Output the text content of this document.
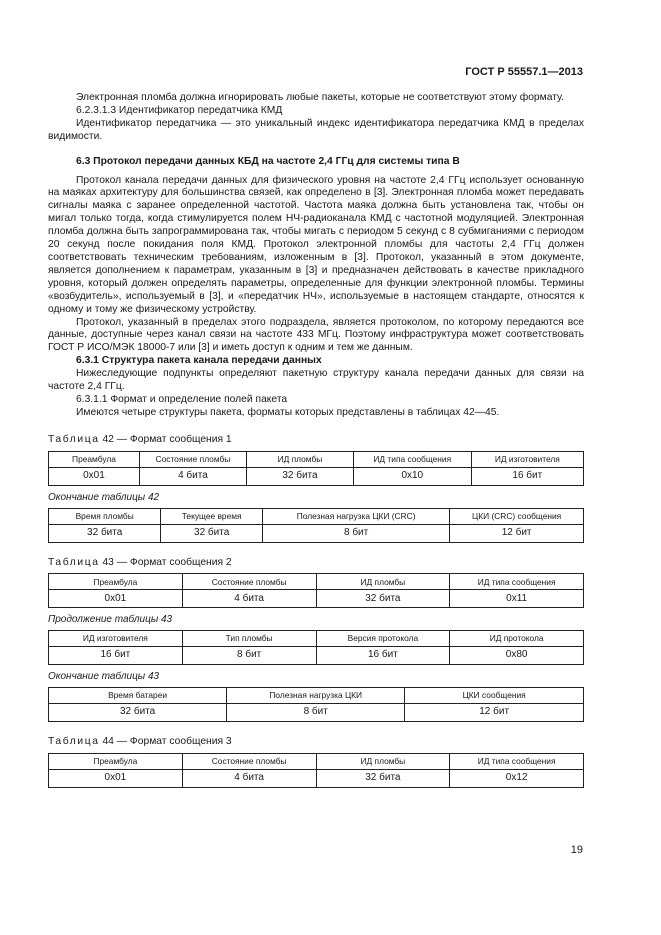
ГОСТ Р 55557.1—2013

Электронная пломба должна игнорировать любые пакеты, которые не соответствуют этому формату.

6.2.3.1.3 Идентификатор передатчика КМД

Идентификатор передатчика — это уникальный индекс идентификатора передатчика КМД в пределах видимости.

6.3 Протокол передачи данных КБД на частоте 2,4 ГГц для системы типа В

Протокол канала передачи данных для физического уровня на частоте 2,4 ГГц использует основанную на маяках архитектуру для большинства связей, как определено в [3]. Электронная пломба может передавать сигналы маяка с заранее определенной частотой. Частота маяка должна быть установлена так, чтобы он мигал только тогда, когда стимулируется полем НЧ-радиоканала КМД с частотной модуляцией. Электронная пломба должна быть запрограммирована так, чтобы мигать с периодом 5 секунд с 8 субмиганиями с периодом 20 секунд после покидания поля КМД. Протокол электронной пломбы для частоты 2,4 ГГц должен соответствовать техническим требованиям, изложенным в [3]. Протокол, указанный в этом документе, является дополнением к параметрам, указанным в [3] и предназначен действовать в качестве прикладного уровня, который должен определять параметры, определенные для функции электронной пломбы. Термины «возбудитель», используемый в [3], и «передатчик НЧ», используемые в настоящем стандарте, относятся к одному и тому же физическому устройству.

Протокол, указанный в пределах этого подраздела, является протоколом, по которому передаются все данные, доступные через канал связи на частоте 433 МГц. Поэтому инфраструктура может соответствовать ГОСТ Р ИСО/МЭК 18000-7 или [3] и иметь доступ к одним и тем же данным.

6.3.1 Структура пакета канала передачи данных

Нижеследующие подпункты определяют пакетную структуру канала передачи данных для связи на частоте 2,4 ГГц.

6.3.1.1 Формат и определение полей пакета

Имеются четыре структуры пакета, форматы которых представлены в таблицах 42—45.

Таблица 42 — Формат сообщения 1
Преамбула	Состояние пломбы	ИД пломбы	ИД типа сообщения	ИД изготовителя
0x01	4 бита	32 бита	0x10	16 бит
Окончание таблицы 42
Время пломбы	Текущее время	Полезная нагрузка ЦКИ (CRC)	ЦКИ (CRC) сообщения
32 бита	32 бита	8 бит	12 бит
Таблица 43 — Формат сообщения 2
Преамбула	Состояние пломбы	ИД пломбы	ИД типа сообщения
0x01	4 бита	32 бита	0x11
Продолжение таблицы 43
ИД изготовителя	Тип пломбы	Версия протокола	ИД протокола
16 бит	8 бит	16 бит	0x80
Окончание таблицы 43
Время батареи	Полезная нагрузка ЦКИ	ЦКИ сообщения
32 бита	8 бит	12 бит
Таблица 44 — Формат сообщения 3
Преамбула	Состояние пломбы	ИД пломбы	ИД типа сообщения
0x01	4 бита	32 бита	0x12
19
